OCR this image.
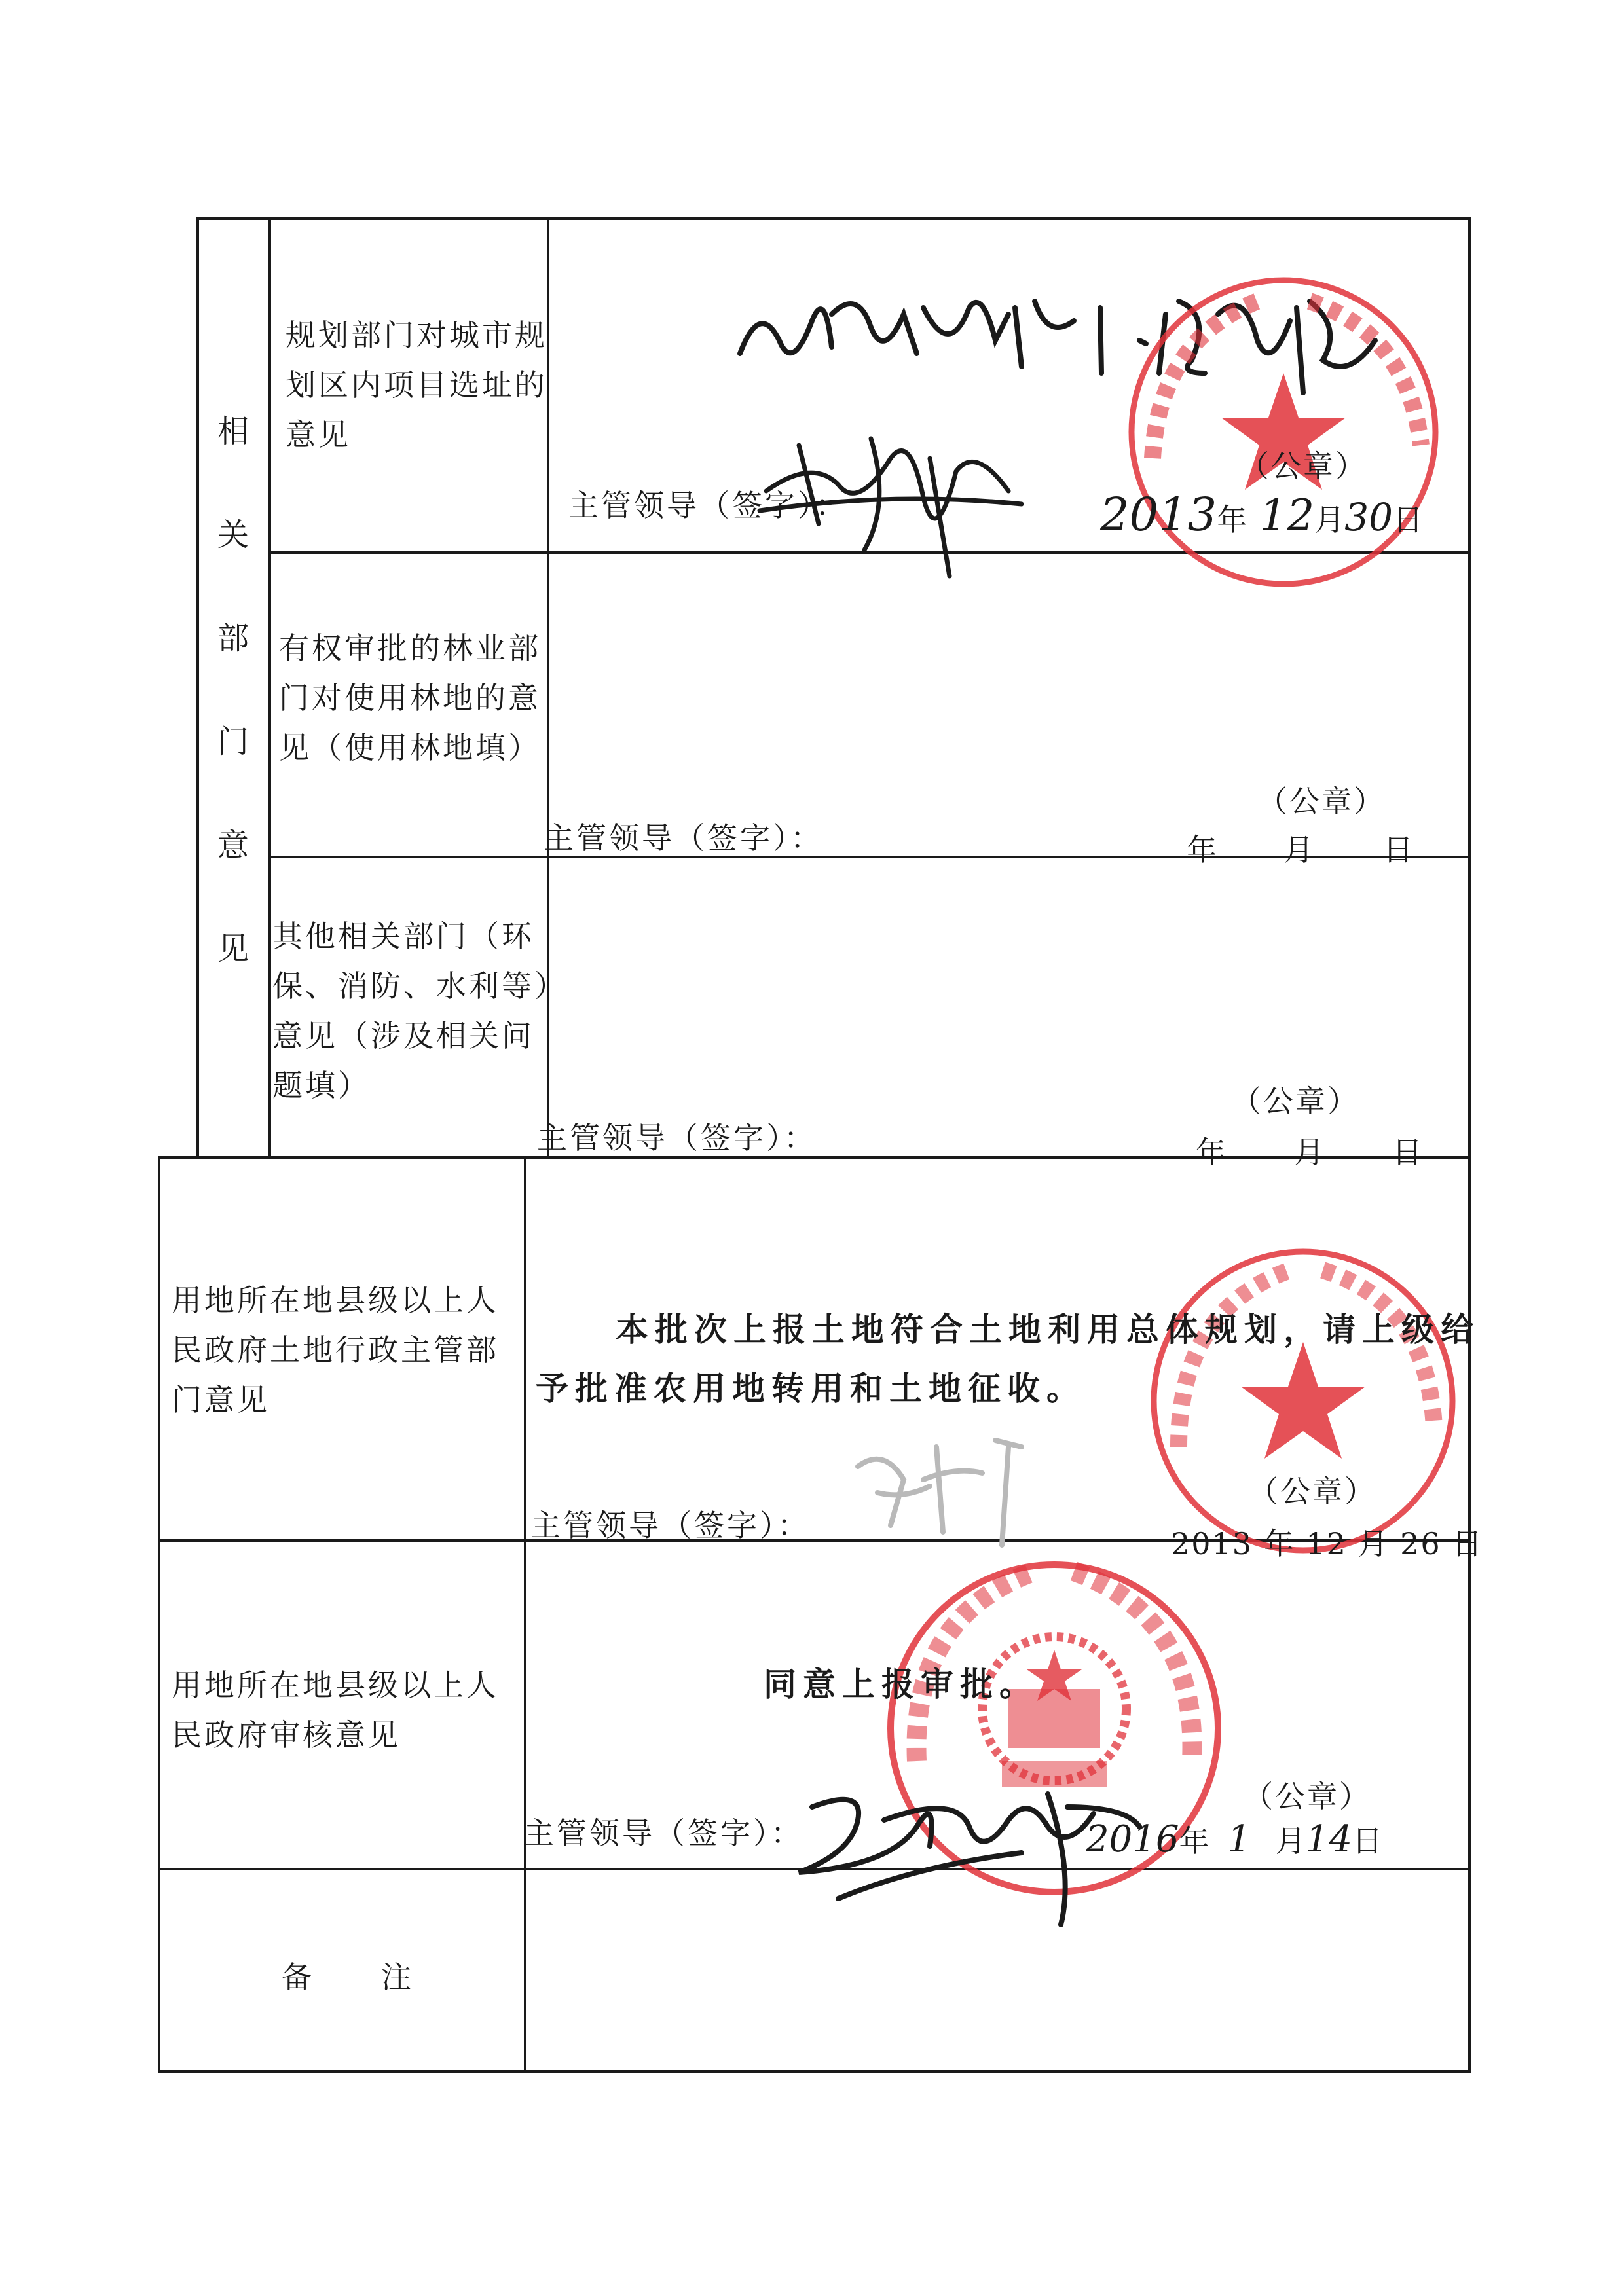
相
关
部
门
意
见
规划部门对城市规
划区内项目选址的
意见
（公章）
主管领导（签字）：	2013年 12月30日
有权审批的林业部
门对使用林地的意
见（使用林地填）
（公章）
主管领导（签字）：	年 月 日
其他相关部门（环
保、消防、水利等）
意见（涉及相关问
题填）	（公章）
主管领导（签字）：	年 月 日
用地所在地县级以上人
民政府土地行政主管部
门意见
本批次上报土地符合土地利用总体规划，请上级给
予批准农用地转用和土地征收。
（公章）
主管领导（签字）：
2013 年 12 月 26 日
用地所在地县级以上人
民政府审核意见
同意上报审批。
（公章）
主管领导（签字）：	2016年 1 月14日
备　注
